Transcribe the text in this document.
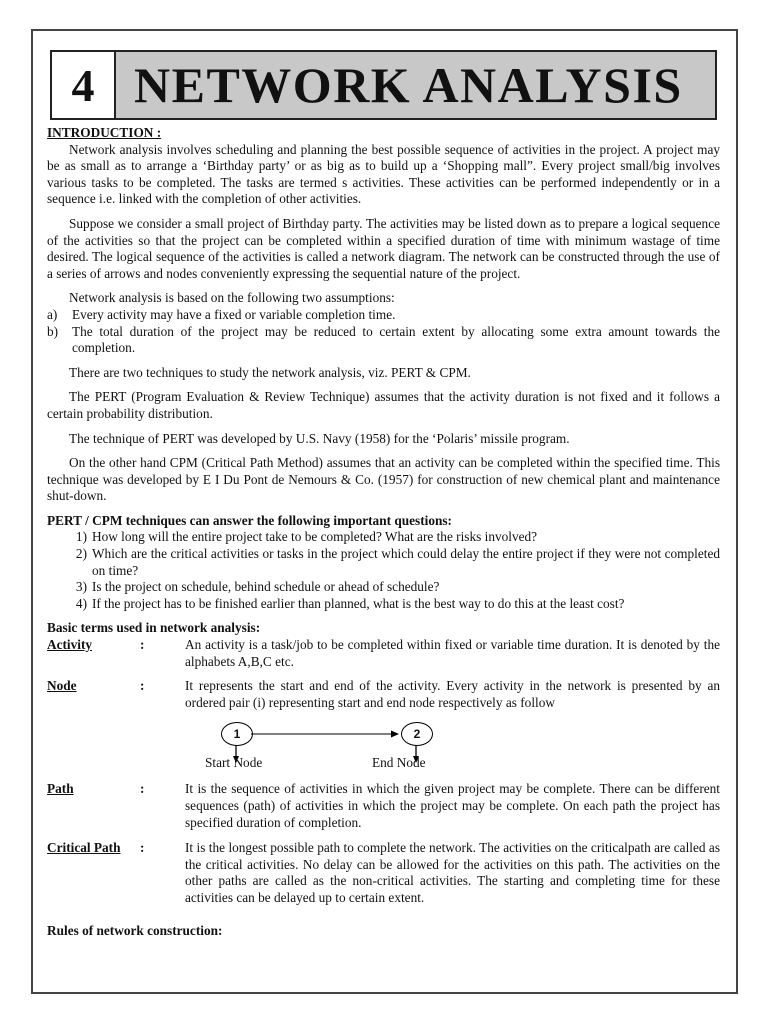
4 NETWORK ANALYSIS

INTRODUCTION :

Network analysis involves scheduling and planning the best possible sequence of activities in the project. A project may be as small as to arrange a ‘Birthday party’ or as big as to build up a ‘Shopping mall”. Every project small/big involves various tasks to be completed. The tasks are termed s activities. These activities can be performed independently or in a sequence i.e. linked with the completion of other activities.

Suppose we consider a small project of Birthday party. The activities may be listed down as to prepare a logical sequence of the activities so that the project can be completed within a specified duration of time with minimum wastage of time desired. The logical sequence of the activities is called a network diagram. The network can be constructed through the use of a series of arrows and nodes conveniently expressing the sequential nature of the project.

Network analysis is based on the following two assumptions:

a) Every activity may have a fixed or variable completion time.
b) The total duration of the project may be reduced to certain extent by allocating some extra amount towards the completion.

There are two techniques to study the network analysis, viz. PERT & CPM.

The PERT (Program Evaluation & Review Technique) assumes that the activity duration is not fixed and it follows a certain probability distribution.

The technique of PERT was developed by U.S. Navy (1958) for the ‘Polaris’ missile program.

On the other hand CPM (Critical Path Method) assumes that an activity can be completed within the specified time. This technique was developed by E I Du Pont de Nemours & Co. (1957) for construction of new chemical plant and maintenance shut-down.

PERT / CPM techniques can answer the following important questions:

1) How long will the entire project take to be completed? What are the risks involved?
2) Which are the critical activities or tasks in the project which could delay the entire project if they were not completed on time?
3) Is the project on schedule, behind schedule or ahead of schedule?
4) If the project has to be finished earlier than planned, what is the best way to do this at the least cost?

Basic terms used in network analysis:

Activity	:	An activity is a task/job to be completed within fixed or variable time duration. It is denoted by the alphabets A,B,C etc.
Node	:	It represents the start and end of the activity. Every activity in the network is presented by an ordered pair (i) representing start and end node respectively as follow
1	2
Start Node	End Node
Path	:	It is the sequence of activities in which the given project may be complete. There can be different sequences (path) of activities in which the project may be complete. On each path the project has specified duration of completion.
Critical Path	:	It is the longest possible path to complete the network. The activities on the criticalpath are called as the critical activities. No delay can be allowed for the activities on this path. The activities on the other paths are called as the non-critical activities. The starting and completing time for these activities can be delayed up to certain extent.

Rules of network construction:
